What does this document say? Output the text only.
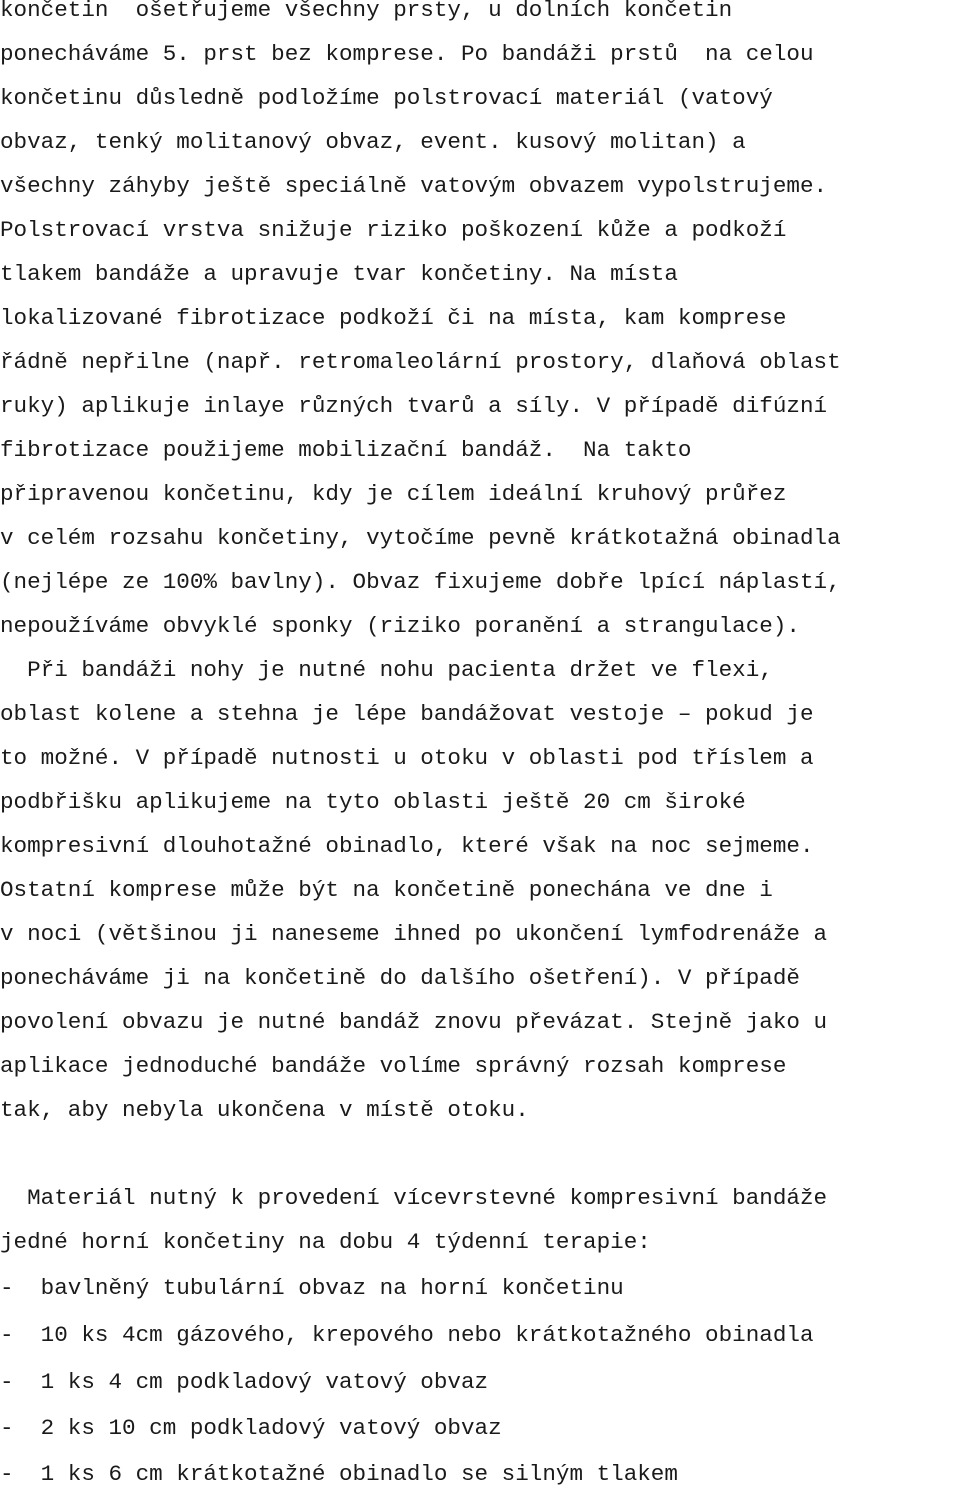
končetin  ošetřujeme všechny prsty, u dolních končetin
ponecháváme 5. prst bez komprese. Po bandáži prstů  na celou
končetinu důsledně podložíme polstrovací materiál (vatový
obvaz, tenký molitanový obvaz, event. kusový molitan) a
všechny záhyby ještě speciálně vatovým obvazem vypolstrujeme.
Polstrovací vrstva snižuje riziko poškození kůže a podkoží
tlakem bandáže a upravuje tvar končetiny. Na místa
lokalizované fibrotizace podkoží či na místa, kam komprese
řádně nepřilne (např. retromaleolární prostory, dlaňová oblast
ruky) aplikuje inlaye různých tvarů a síly. V případě difúzní
fibrotizace použijeme mobilizační bandáž.  Na takto
připravenou končetinu, kdy je cílem ideální kruhový průřez
v celém rozsahu končetiny, vytočíme pevně krátkotažná obinadla
(nejlépe ze 100% bavlny). Obvaz fixujeme dobře lpící náplastí,
nepoužíváme obvyklé sponky (riziko poranění a strangulace).
Při bandáži nohy je nutné nohu pacienta držet ve flexi,
oblast kolene a stehna je lépe bandážovat vestoje – pokud je
to možné. V případě nutnosti u otoku v oblasti pod tříslem a
podbřišku aplikujeme na tyto oblasti ještě 20 cm široké
kompresivní dlouhotažné obinadlo, které však na noc sejmeme.
Ostatní komprese může být na končetině ponechána ve dne i
v noci (většinou ji naneseme ihned po ukončení lymfodrenáže a
ponecháváme ji na končetině do dalšího ošetření). V případě
povolení obvazu je nutné bandáž znovu převázat. Stejně jako u
aplikace jednoduché bandáže volíme správný rozsah komprese
tak, aby nebyla ukončena v místě otoku.
Materiál nutný k provedení vícevrstevné kompresivní bandáže
jedné horní končetiny na dobu 4 týdenní terapie:
-  bavlněný tubulární obvaz na horní končetinu
-  10 ks 4cm gázového, krepového nebo krátkotažného obinadla
-  1 ks 4 cm podkladový vatový obvaz
-  2 ks 10 cm podkladový vatový obvaz
-  1 ks 6 cm krátkotažné obinadlo se silným tlakem
